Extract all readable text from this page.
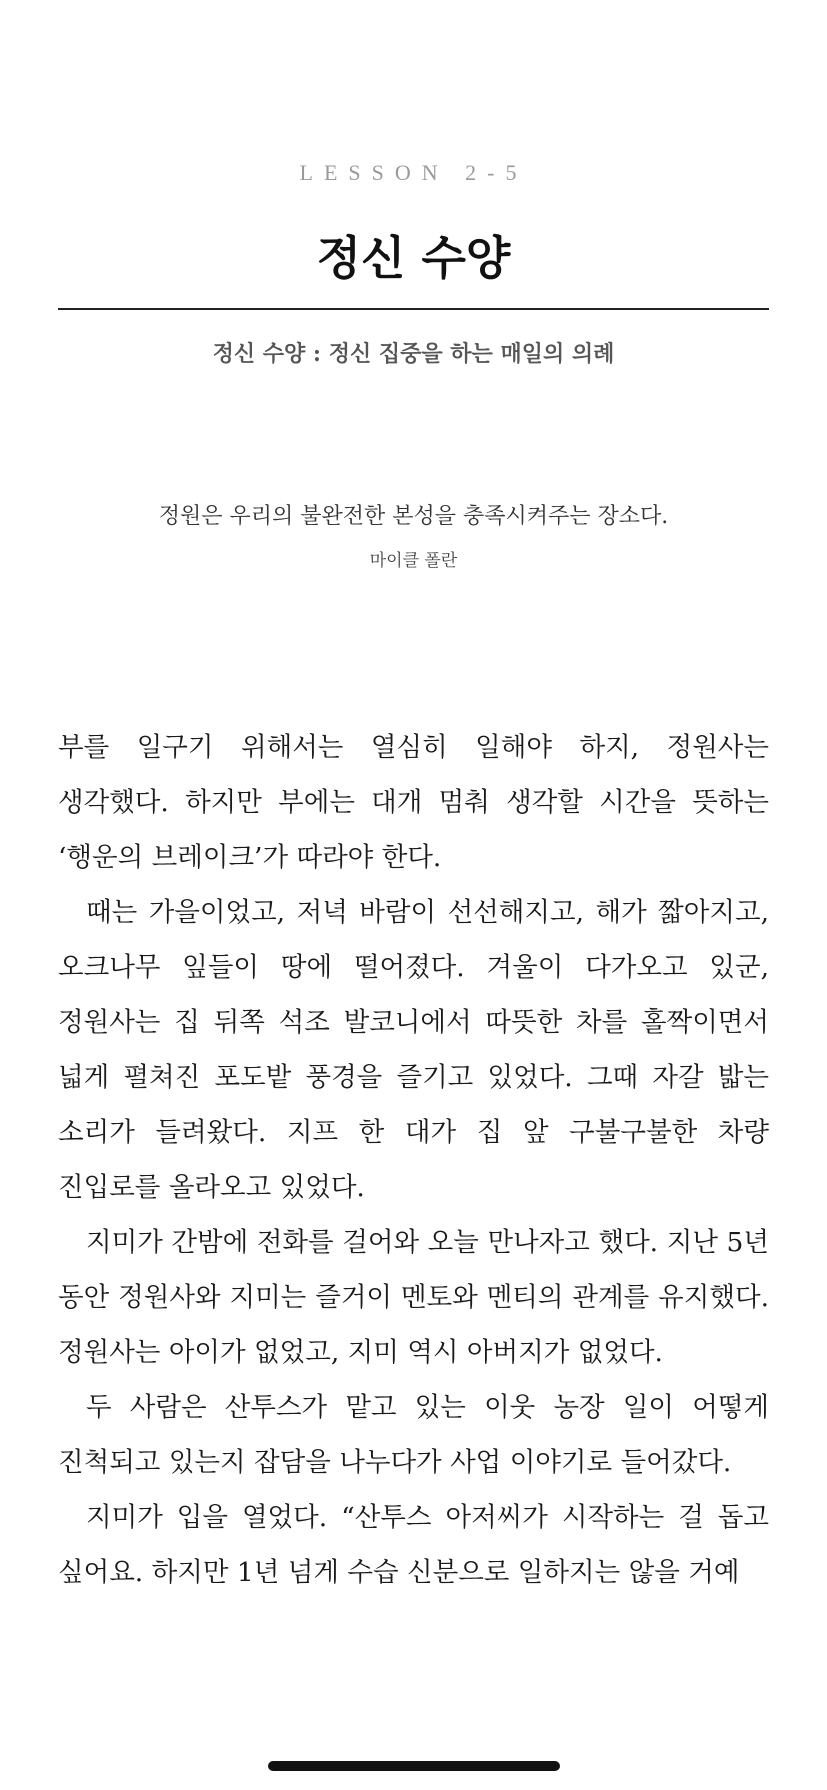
LESSON 2-5
정신 수양
정신 수양 : 정신 집중을 하는 매일의 의례
정원은 우리의 불완전한 본성을 충족시켜주는 장소다.
마이클 폴란

부를 일구기 위해서는 열심히 일해야 하지, 정원사는 생각했다. 하지만 부에는 대개 멈춰 생각할 시간을 뜻하는 ‘행운의 브레이크’가 따라야 한다.

때는 가을이었고, 저녁 바람이 선선해지고, 해가 짧아지고, 오크나무 잎들이 땅에 떨어졌다. 겨울이 다가오고 있군, 정원사는 집 뒤쪽 석조 발코니에서 따뜻한 차를 홀짝이면서 넓게 펼쳐진 포도밭 풍경을 즐기고 있었다. 그때 자갈 밟는 소리가 들려왔다. 지프 한 대가 집 앞 구불구불한 차량 진입로를 올라오고 있었다.

지미가 간밤에 전화를 걸어와 오늘 만나자고 했다. 지난 5년 동안 정원사와 지미는 즐거이 멘토와 멘티의 관계를 유지했다. 정원사는 아이가 없었고, 지미 역시 아버지가 없었다.

두 사람은 산투스가 맡고 있는 이웃 농장 일이 어떻게 진척되고 있는지 잡담을 나누다가 사업 이야기로 들어갔다.

지미가 입을 열었다. “산투스 아저씨가 시작하는 걸 돕고 싶어요. 하지만 1년 넘게 수습 신분으로 일하지는 않을 거예
